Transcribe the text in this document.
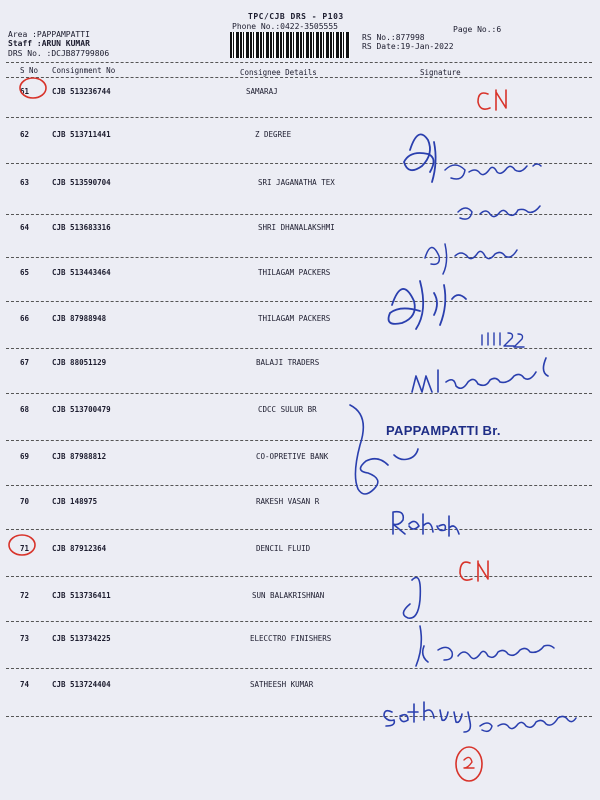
Area :PAPPAMPATTI
Staff :ARUN KUMAR
DRS No. :DCJB87799806
TPC/CJB DRS - P103
Phone No.:0422-3505555	Page No.:6
RS No.:877998
RS Date:19-Jan-2022
S No Consignment No	Consignee Details	Signature
61	CJB 513236744	SAMARAJ
62	CJB 513711441	Z DEGREE
63	CJB 513590704	SRI JAGANATHA TEX
64	CJB 513683316	SHRI DHANALAKSHMI
65	CJB 513443464	THILAGAM PACKERS
66	CJB 87988948	THILAGAM PACKERS
67	CJB 88051129	BALAJI TRADERS
68	CJB 513700479	CDCC SULUR BR
69	CJB 87988812	CO-OPRETIVE BANK
70	CJB 148975	RAKESH VASAN R
71	CJB 87912364	DENCIL FLUID
72	CJB 513736411	SUN BALAKRISHNAN
73	CJB 513734225	ELECCTRO FINISHERS
74	CJB 513724404	SATHEESH KUMAR
PAPPAMPATTI Br.
